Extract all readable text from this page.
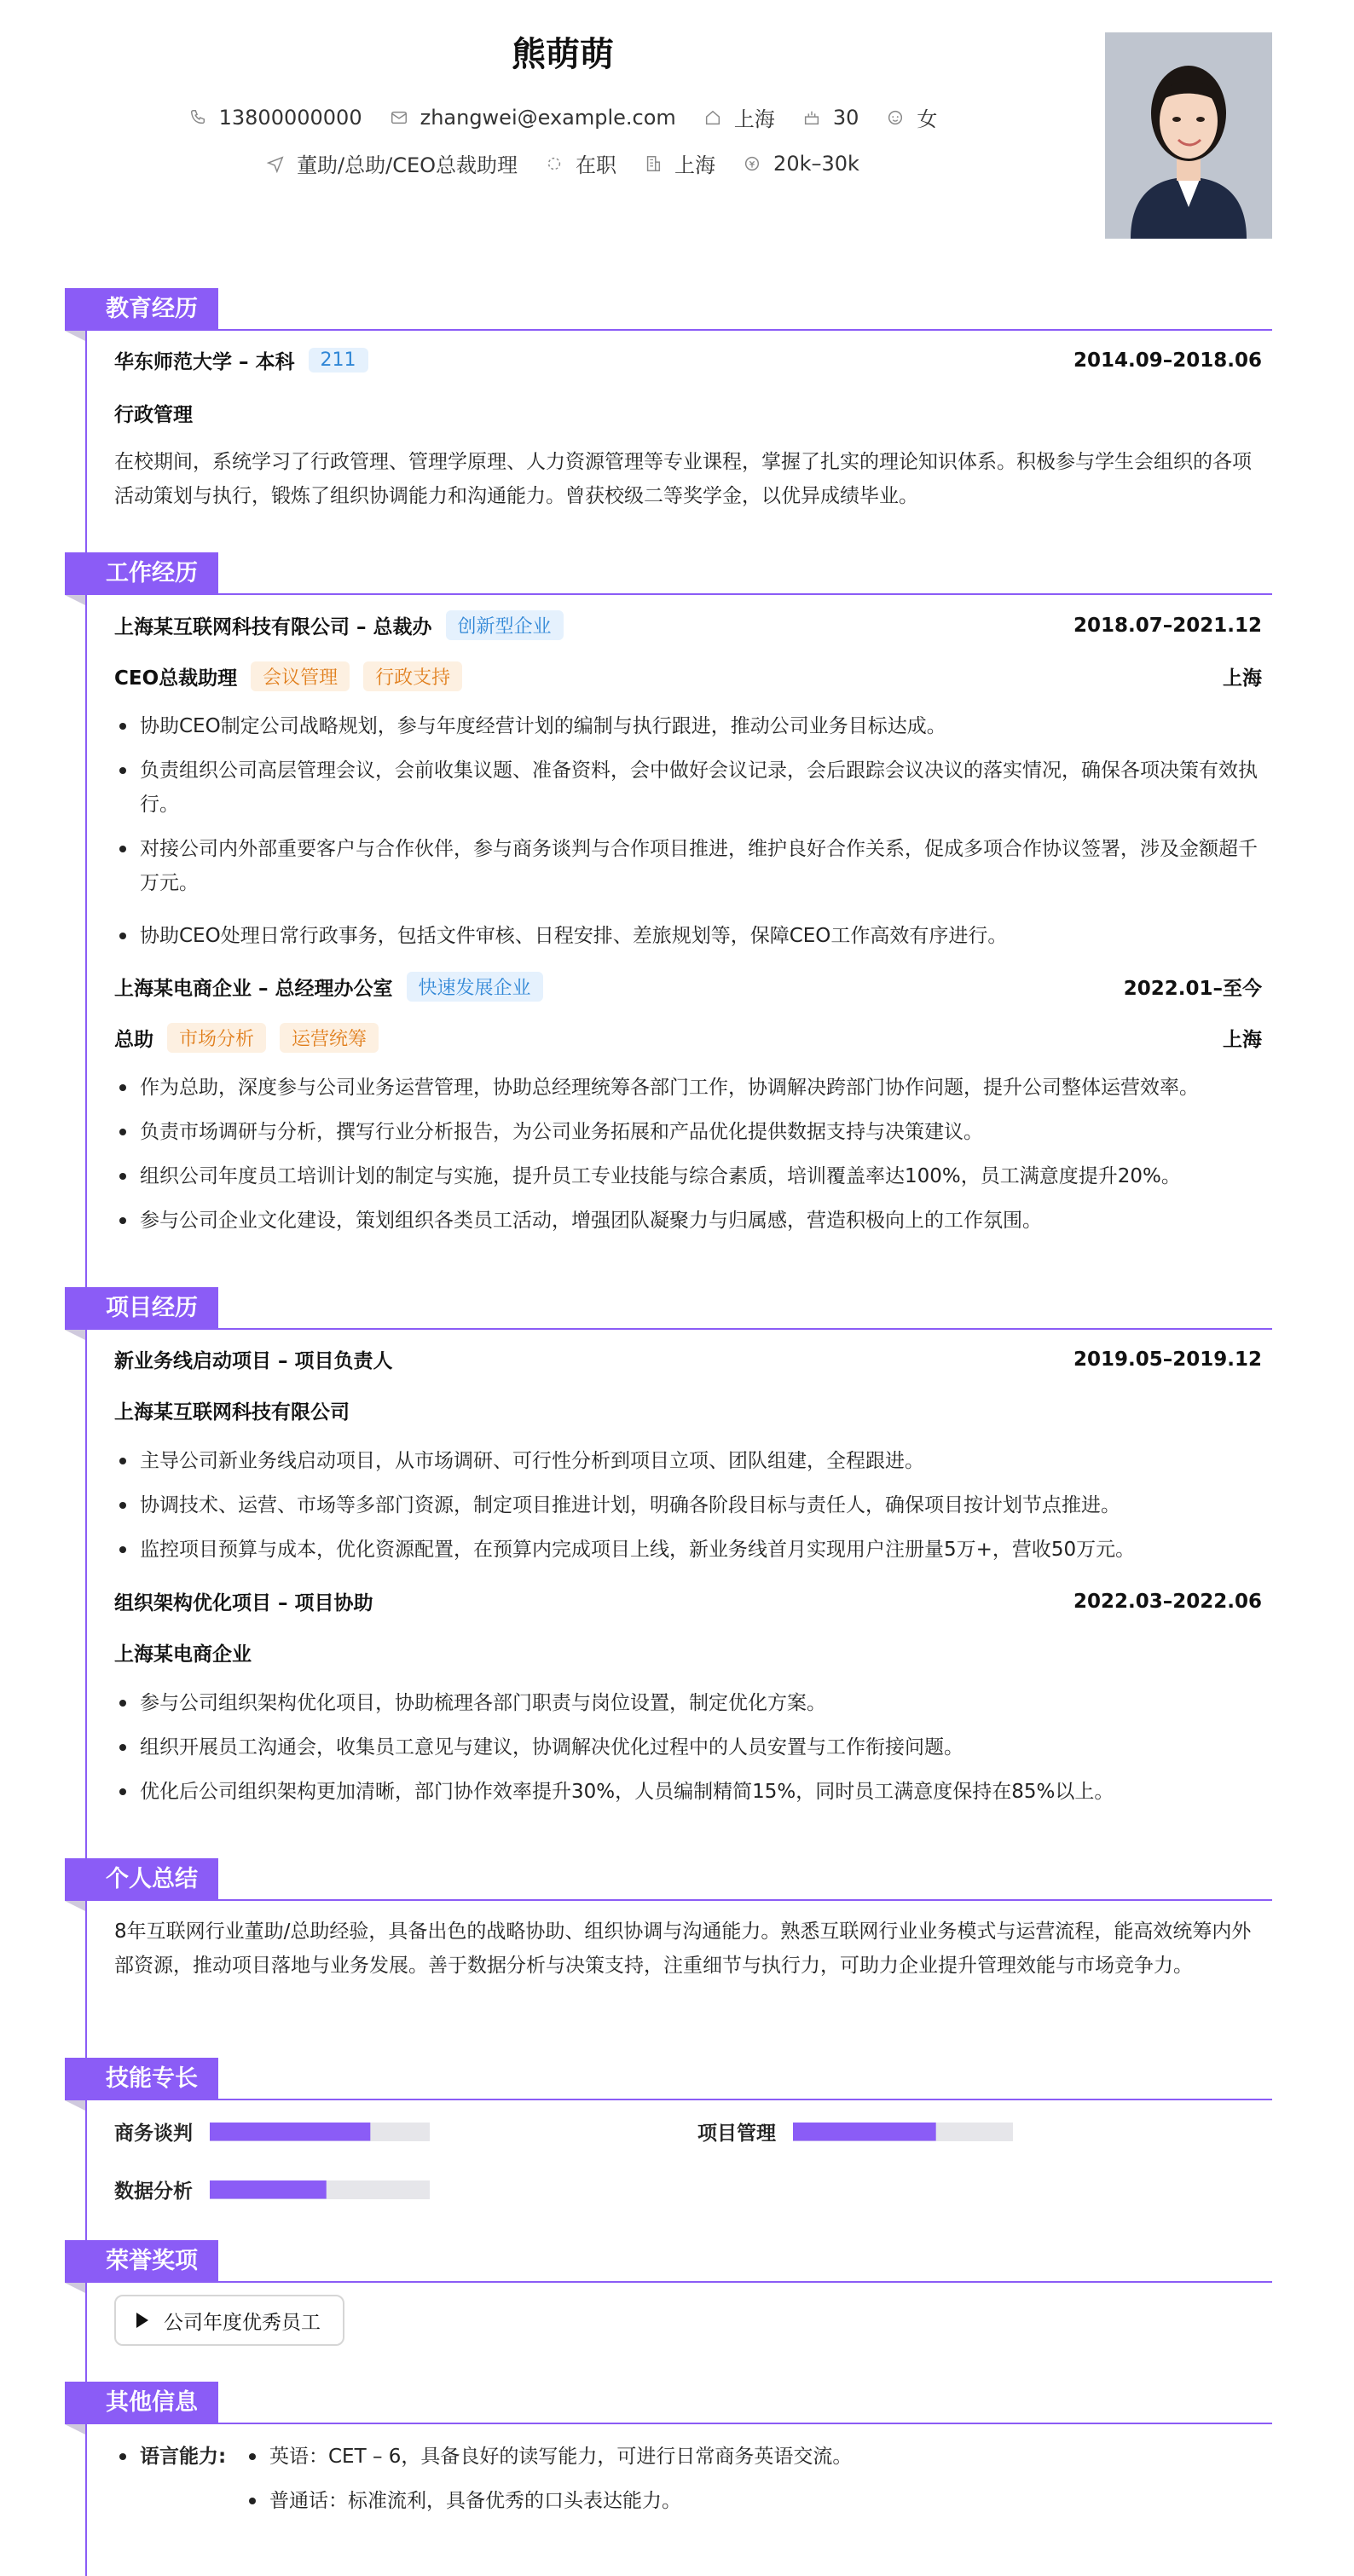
熊萌萌
13800000000	zhangwei@example.com	上海	30	女
董助/总助/CEO总裁助理	在职	上海	20k–30k
教育经历
华东师范大学 – 本科	211	2014.09–2018.06
行政管理
在校期间，系统学习了行政管理、管理学原理、人力资源管理等专业课程，掌握了扎实的理论知识体系。积极参与学生会组织的各项活动策划与执行，锻炼了组织协调能力和沟通能力。曾获校级二等奖学金，以优异成绩毕业。
工作经历
上海某互联网科技有限公司 – 总裁办	创新型企业	2018.07–2021.12
CEO总裁助理	会议管理	行政支持	上海
协助CEO制定公司战略规划，参与年度经营计划的编制与执行跟进，推动公司业务目标达成。
负责组织公司高层管理会议，会前收集议题、准备资料，会中做好会议记录，会后跟踪会议决议的落实情况，确保各项决策有效执行。
对接公司内外部重要客户与合作伙伴，参与商务谈判与合作项目推进，维护良好合作关系，促成多项合作协议签署，涉及金额超千万元。
协助CEO处理日常行政事务，包括文件审核、日程安排、差旅规划等，保障CEO工作高效有序进行。
上海某电商企业 – 总经理办公室	快速发展企业	2022.01–至今
总助	市场分析	运营统筹	上海
作为总助，深度参与公司业务运营管理，协助总经理统筹各部门工作，协调解决跨部门协作问题，提升公司整体运营效率。
负责市场调研与分析，撰写行业分析报告，为公司业务拓展和产品优化提供数据支持与决策建议。
组织公司年度员工培训计划的制定与实施，提升员工专业技能与综合素质，培训覆盖率达100%，员工满意度提升20%。
参与公司企业文化建设，策划组织各类员工活动，增强团队凝聚力与归属感，营造积极向上的工作氛围。
项目经历
新业务线启动项目 – 项目负责人	2019.05–2019.12
上海某互联网科技有限公司
主导公司新业务线启动项目，从市场调研、可行性分析到项目立项、团队组建，全程跟进。
协调技术、运营、市场等多部门资源，制定项目推进计划，明确各阶段目标与责任人，确保项目按计划节点推进。
监控项目预算与成本，优化资源配置，在预算内完成项目上线，新业务线首月实现用户注册量5万+，营收50万元。
组织架构优化项目 – 项目协助	2022.03–2022.06
上海某电商企业
参与公司组织架构优化项目，协助梳理各部门职责与岗位设置，制定优化方案。
组织开展员工沟通会，收集员工意见与建议，协调解决优化过程中的人员安置与工作衔接问题。
优化后公司组织架构更加清晰，部门协作效率提升30%，人员编制精简15%，同时员工满意度保持在85%以上。
个人总结
8年互联网行业董助/总助经验，具备出色的战略协助、组织协调与沟通能力。熟悉互联网行业业务模式与运营流程，能高效统筹内外部资源，推动项目落地与业务发展。善于数据分析与决策支持，注重细节与执行力，可助力企业提升管理效能与市场竞争力。
技能专长
商务谈判	项目管理
数据分析
荣誉奖项
公司年度优秀员工
其他信息
语言能力:	英语：CET – 6，具备良好的读写能力，可进行日常商务英语交流。
普通话：标准流利，具备优秀的口头表达能力。
